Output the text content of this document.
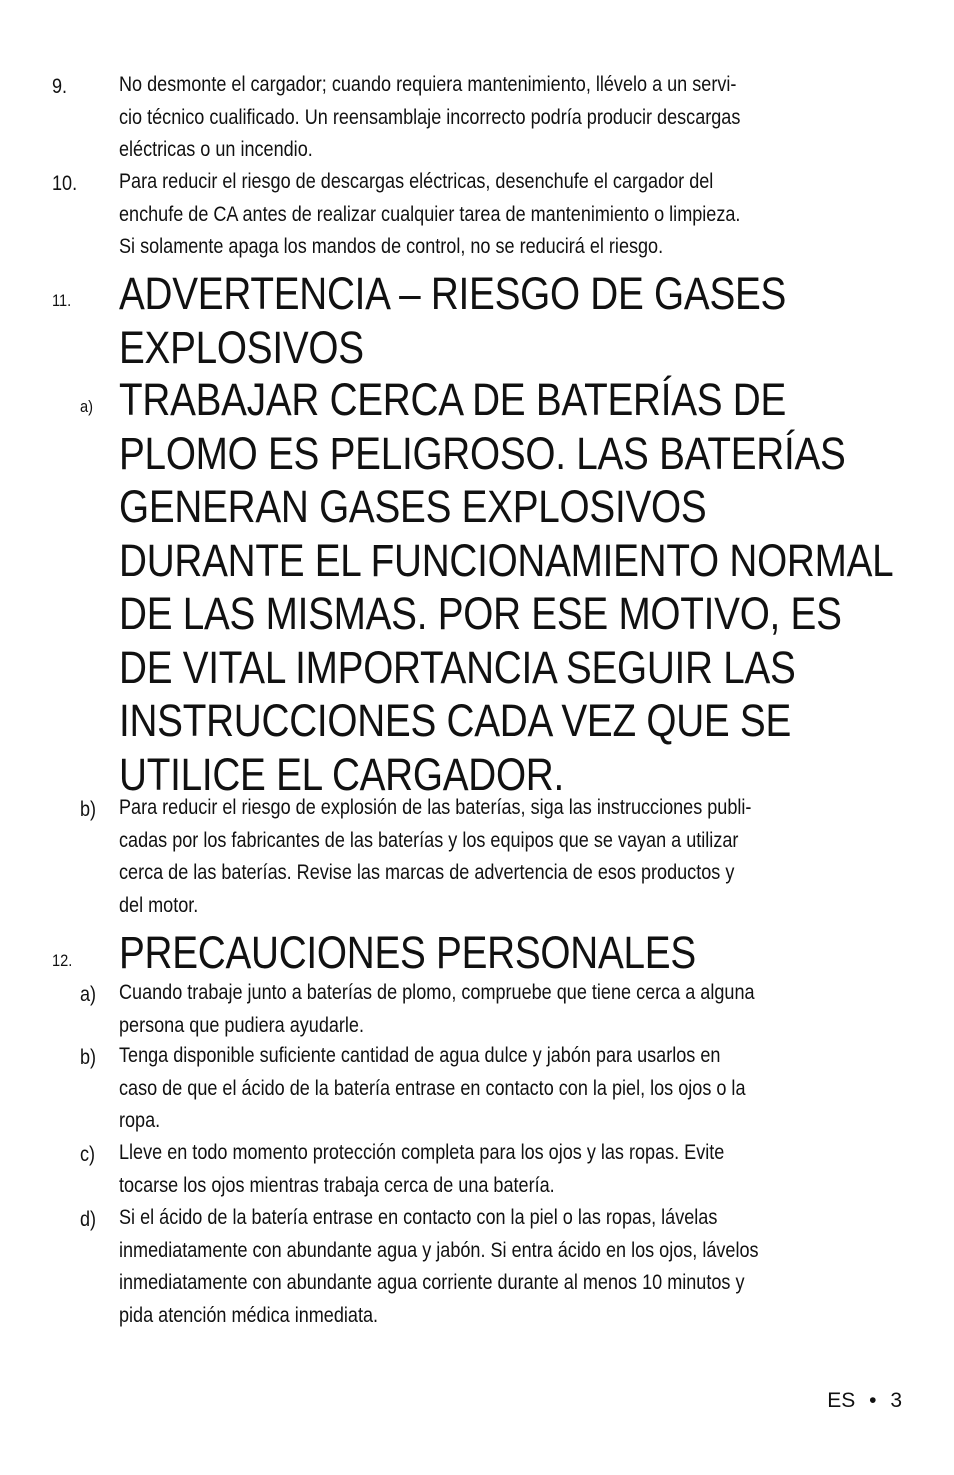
9. No desmonte el cargador; cuando requiera mantenimiento, llévelo a un servi-
cio técnico cualificado. Un reensamblaje incorrecto podría producir descargas
eléctricas o un incendio.
10. Para reducir el riesgo de descargas eléctricas, desenchufe el cargador del
enchufe de CA antes de realizar cualquier tarea de mantenimiento o limpieza.
Si solamente apaga los mandos de control, no se reducirá el riesgo.
11. ADVERTENCIA – RIESGO DE GASES
EXPLOSIVOS
a) TRABAJAR CERCA DE BATERÍAS DE
PLOMO ES PELIGROSO. LAS BATERÍAS
GENERAN GASES EXPLOSIVOS
DURANTE EL FUNCIONAMIENTO NORMAL
DE LAS MISMAS. POR ESE MOTIVO, ES
DE VITAL IMPORTANCIA SEGUIR LAS
INSTRUCCIONES CADA VEZ QUE SE
UTILICE EL CARGADOR.
b) Para reducir el riesgo de explosión de las baterías, siga las instrucciones publi-
cadas por los fabricantes de las baterías y los equipos que se vayan a utilizar
cerca de las baterías. Revise las marcas de advertencia de esos productos y
del motor.
12. PRECAUCIONES PERSONALES
a) Cuando trabaje junto a baterías de plomo, compruebe que tiene cerca a alguna
persona que pudiera ayudarle.
b) Tenga disponible suficiente cantidad de agua dulce y jabón para usarlos en
caso de que el ácido de la batería entrase en contacto con la piel, los ojos o la
ropa.
c) Lleve en todo momento protección completa para los ojos y las ropas. Evite
tocarse los ojos mientras trabaja cerca de una batería.
d) Si el ácido de la batería entrase en contacto con la piel o las ropas, lávelas
inmediatamente con abundante agua y jabón. Si entra ácido en los ojos, lávelos
inmediatamente con abundante agua corriente durante al menos 10 minutos y
pida atención médica inmediata.
ES • 3
